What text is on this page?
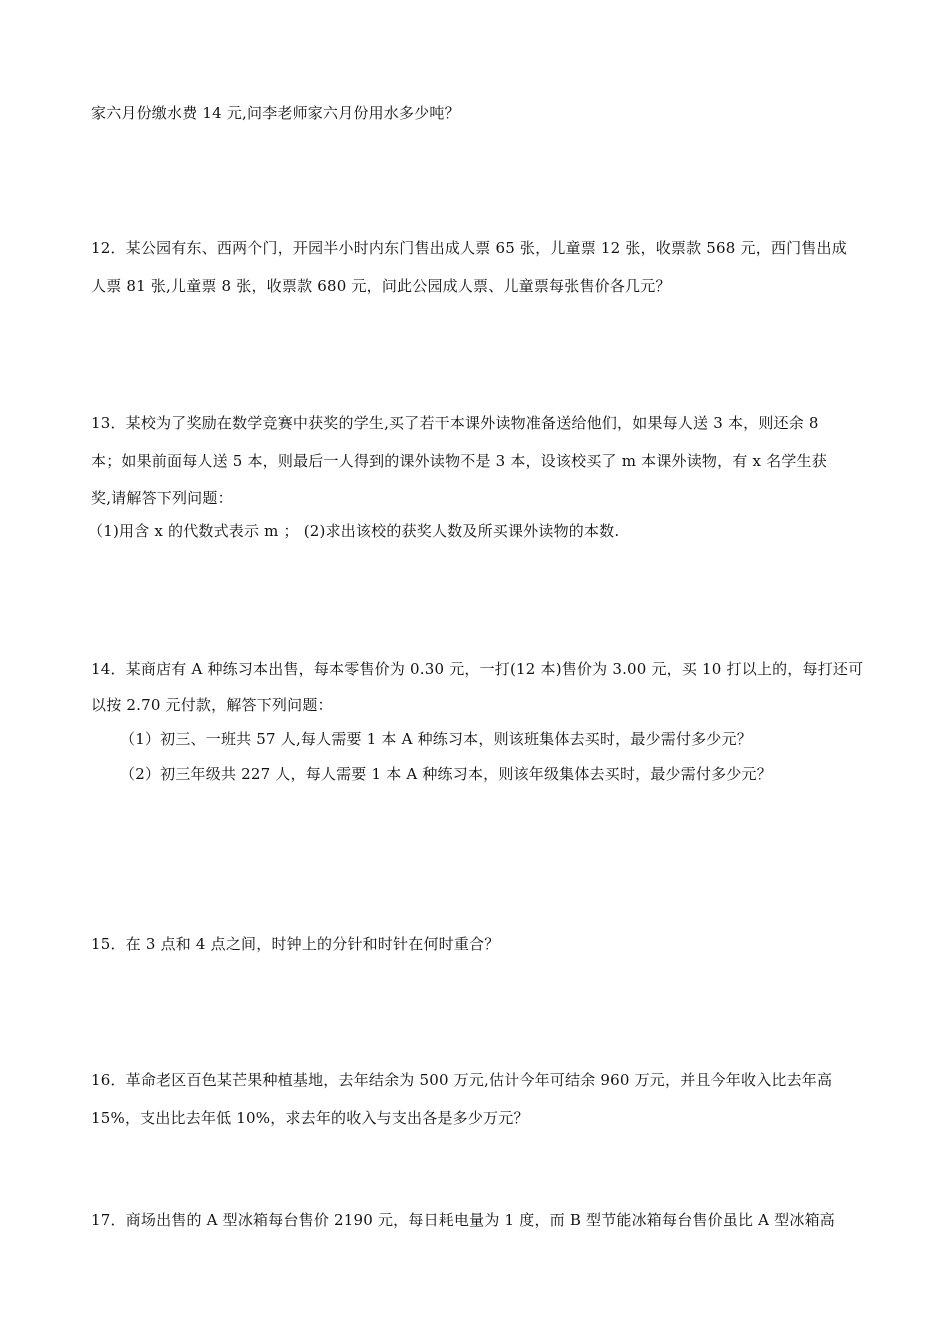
家六月份缴水费 14 元,问李老师家六月份用水多少吨？
12．某公园有东、西两个门，开园半小时内东门售出成人票 65 张，儿童票 12 张，收票款 568 元，西门售出成
人票 81 张,儿童票 8 张，收票款 680 元，问此公园成人票、儿童票每张售价各几元？
13．某校为了奖励在数学竞赛中获奖的学生,买了若干本课外读物准备送给他们，如果每人送 3 本，则还余 8
本；如果前面每人送 5 本，则最后一人得到的课外读物不是 3 本，设该校买了 m 本课外读物，有 x 名学生获
奖,请解答下列问题：
（1)用含 x 的代数式表示 m ； (2)求出该校的获奖人数及所买课外读物的本数.
14．某商店有 A 种练习本出售，每本零售价为 0.30 元，一打(12 本)售价为 3.00 元，买 10 打以上的，每打还可
以按 2.70 元付款，解答下列问题：
（1）初三、一班共 57 人,每人需要 1 本 A 种练习本，则该班集体去买时，最少需付多少元？
（2）初三年级共 227 人，每人需要 1 本 A 种练习本，则该年级集体去买时，最少需付多少元？
15．在 3 点和 4 点之间，时钟上的分针和时针在何时重合？
16．革命老区百色某芒果种植基地，去年结余为 500 万元,估计今年可结余 960 万元，并且今年收入比去年高
15%，支出比去年低 10%，求去年的收入与支出各是多少万元？
17．商场出售的 A 型冰箱每台售价 2190 元，每日耗电量为 1 度，而 B 型节能冰箱每台售价虽比 A 型冰箱高
